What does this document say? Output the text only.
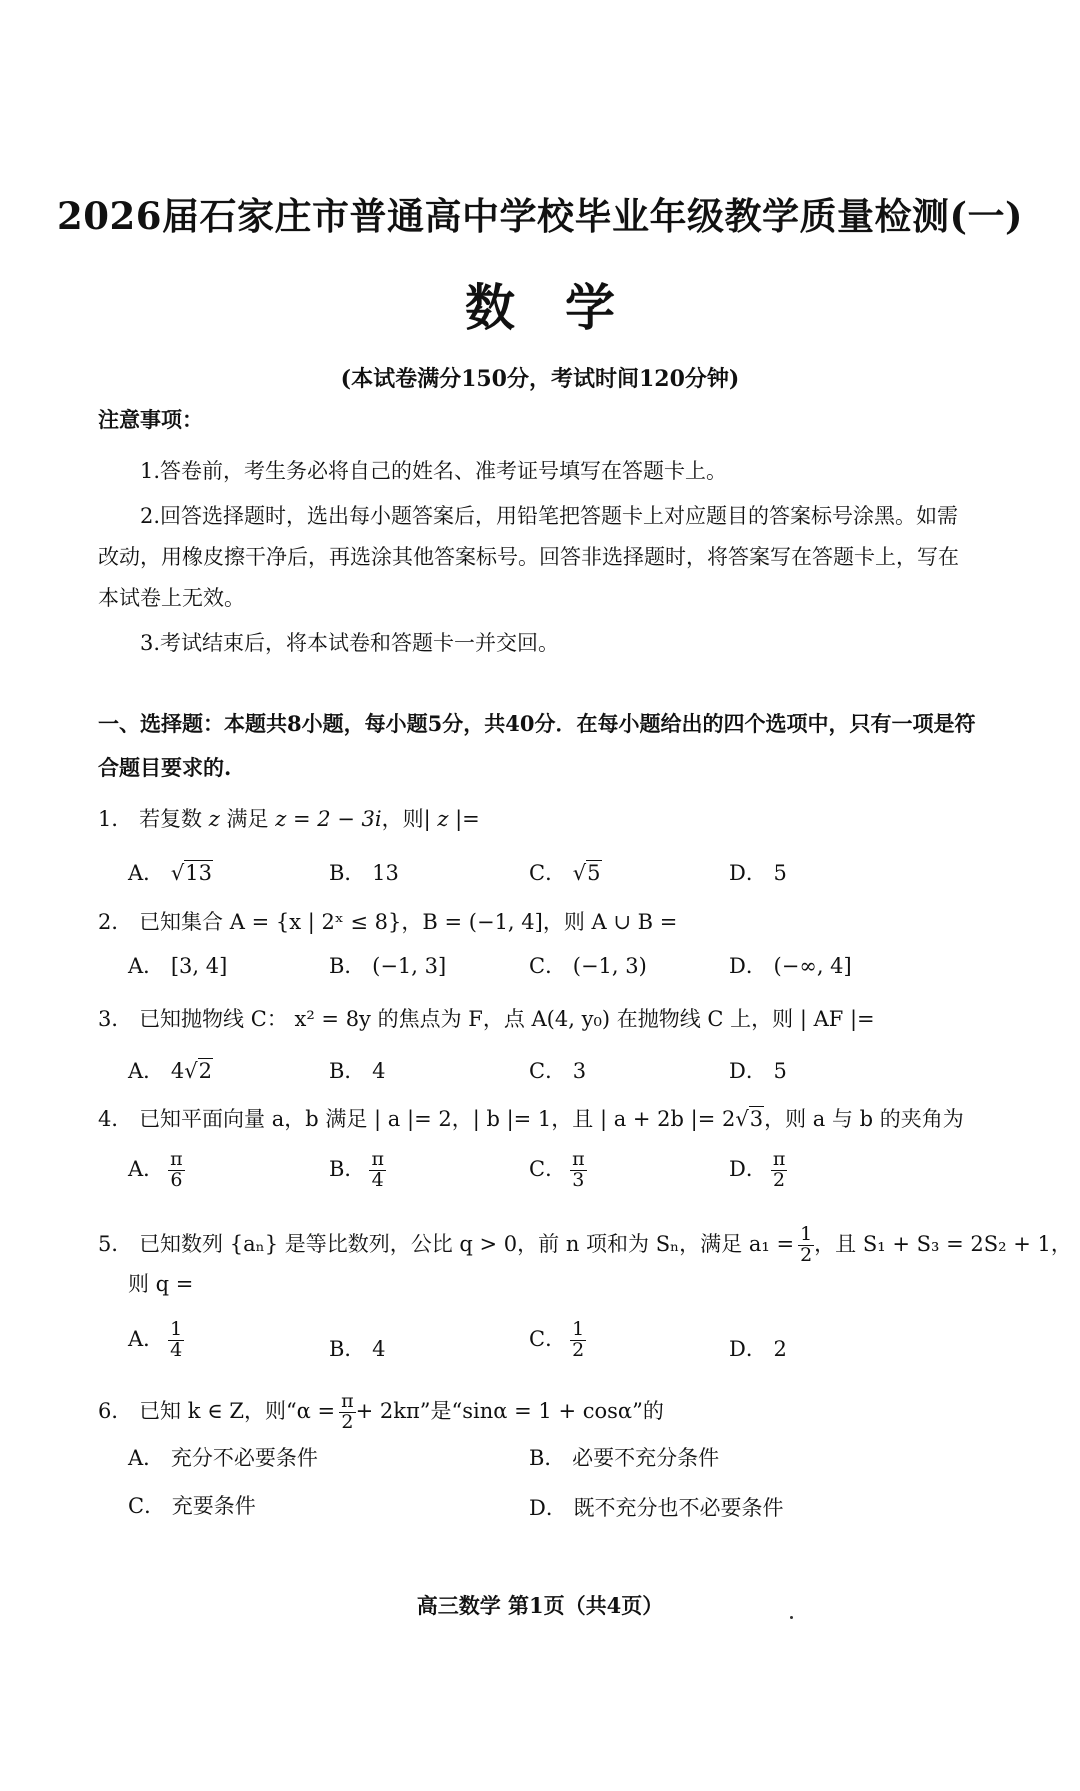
2026届石家庄市普通高中学校毕业年级教学质量检测(一)
数学
(本试卷满分150分，考试时间120分钟)
注意事项：
1.答卷前，考生务必将自己的姓名、准考证号填写在答题卡上。
2.回答选择题时，选出每小题答案后，用铅笔把答题卡上对应题目的答案标号涂黑。如需
改动，用橡皮擦干净后，再选涂其他答案标号。回答非选择题时，将答案写在答题卡上，写在
本试卷上无效。
3.考试结束后，将本试卷和答题卡一并交回。
一、选择题：本题共8小题，每小题5分，共40分．在每小题给出的四个选项中，只有一项是符
合题目要求的.
1． 若复数 z 满足 z = 2 − 3i，则| z |=
A． √13	B． 13	C． √5	D． 5
2． 已知集合 A = {x | 2ˣ ≤ 8}，B = (−1, 4]，则 A ∪ B =
A． [3, 4]	B． (−1, 3]	C． (−1, 3)	D． (−∞, 4]
3． 已知抛物线 C： x² = 8y 的焦点为 F，点 A(4, y₀) 在抛物线 C 上，则 | AF |=
A． 4√2	B． 4	C． 3	D． 5
4． 已知平面向量 a，b 满足 | a |= 2，| b |= 1，且 | a + 2b |= 2√3，则 a 与 b 的夹角为
A． $\frac{\pi}{6}$	B． $\frac{\pi}{4}$	C． $\frac{\pi}{3}$	D． $\frac{\pi}{2}$
5． 已知数列 {aₙ} 是等比数列，公比 q > 0，前 n 项和为 Sₙ，满足 $a_1 = \frac{1}{2}$ ，且 S₁ + S₃ = 2S₂ + 1，
则 q =
A． $\frac{1}{4}$	B． 4	C． $\frac{1}{2}$	D． 2
6． 已知 k ∈ Z，则“$\alpha = \frac{\pi}{2} + 2k\pi$”是“sinα = 1 + cosα”的
A． 充分不必要条件	B． 必要不充分条件
C． 充要条件	D． 既不充分也不必要条件
高三数学 第1页（共4页）
